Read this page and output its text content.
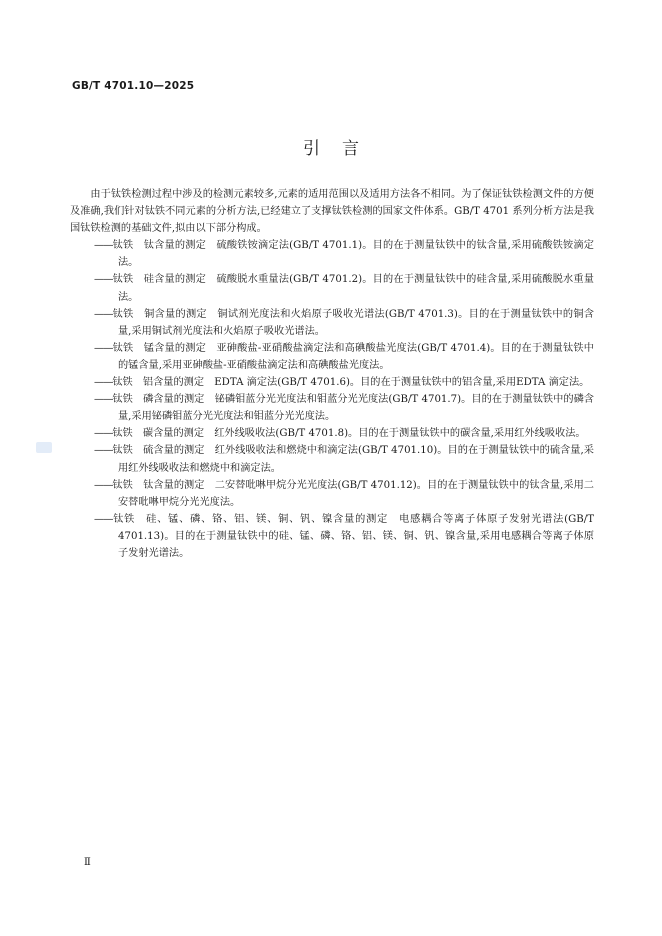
GB/T 4701.10—2025
引言

由于钛铁检测过程中涉及的检测元素较多,元素的适用范围以及适用方法各不相同。为了保证钛铁检测文件的方便及准确,我们针对钛铁不同元素的分析方法,已经建立了支撑钛铁检测的国家文件体系。GB/T 4701 系列分析方法是我国钛铁检测的基础文件,拟由以下部分构成。

——钛铁　钛含量的测定　硫酸铁铵滴定法(GB/T 4701.1)。目的在于测量钛铁中的钛含量,采用硫酸铁铵滴定法。
——钛铁　硅含量的测定　硫酸脱水重量法(GB/T 4701.2)。目的在于测量钛铁中的硅含量,采用硫酸脱水重量法。
——钛铁　铜含量的测定　铜试剂光度法和火焰原子吸收光谱法(GB/T 4701.3)。目的在于测量钛铁中的铜含量,采用铜试剂光度法和火焰原子吸收光谱法。
——钛铁　锰含量的测定　亚砷酸盐-亚硝酸盐滴定法和高碘酸盐光度法(GB/T 4701.4)。目的在于测量钛铁中的锰含量,采用亚砷酸盐-亚硝酸盐滴定法和高碘酸盐光度法。
——钛铁　铝含量的测定　EDTA 滴定法(GB/T 4701.6)。目的在于测量钛铁中的铝含量,采用EDTA 滴定法。
——钛铁　磷含量的测定　铋磷钼蓝分光光度法和钼蓝分光光度法(GB/T 4701.7)。目的在于测量钛铁中的磷含量,采用铋磷钼蓝分光光度法和钼蓝分光光度法。
——钛铁　碳含量的测定　红外线吸收法(GB/T 4701.8)。目的在于测量钛铁中的碳含量,采用红外线吸收法。
——钛铁　硫含量的测定　红外线吸收法和燃烧中和滴定法(GB/T 4701.10)。目的在于测量钛铁中的硫含量,采用红外线吸收法和燃烧中和滴定法。
——钛铁　钛含量的测定　二安替吡啉甲烷分光光度法(GB/T 4701.12)。目的在于测量钛铁中的钛含量,采用二安替吡啉甲烷分光光度法。
——钛铁　硅、锰、磷、铬、铝、镁、铜、钒、镍含量的测定　电感耦合等离子体原子发射光谱法(GB/T 4701.13)。目的在于测量钛铁中的硅、锰、磷、铬、铝、镁、铜、钒、镍含量,采用电感耦合等离子体原子发射光谱法。
Ⅱ
